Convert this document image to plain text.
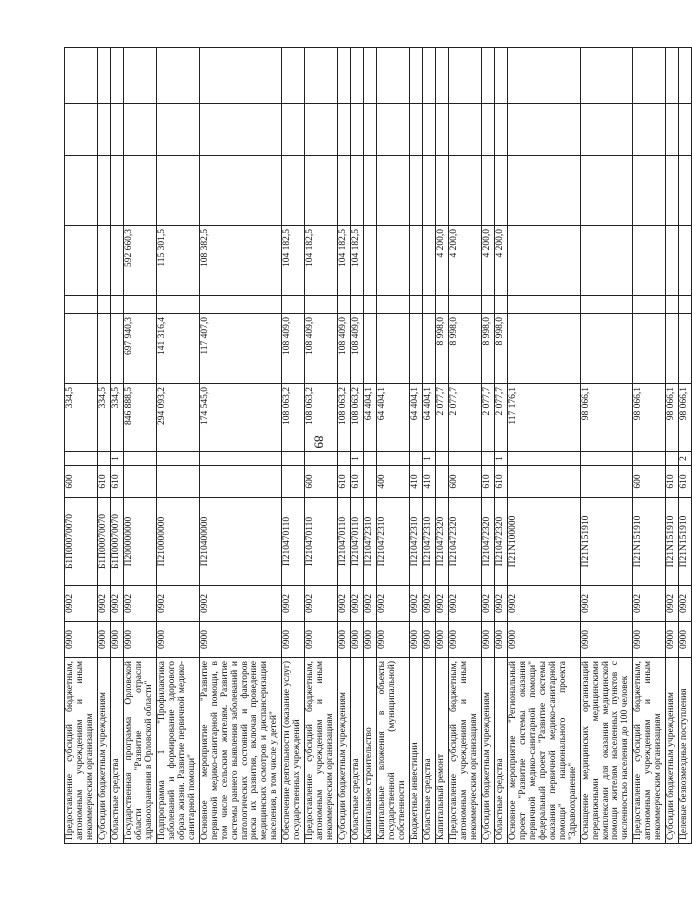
89
Предоставление субсидий бюджетным, автономным учреждениям и иным некоммерческим организациям	0900	0902	Б1П00070070	600		334,5						
Субсидии бюджетным учреждениям	0900	0902	Б1П00070070	610		334,5						
Областные средства	0900	0902	Б1П00070070	610	1	334,5						
Государственная программа Орловской области "Развитие отрасли здравоохранения в Орловской области"	0900	0902	П200000000			846 888,5	697 940,3		592 660,3			
Подпрограмма 1 "Профилактика заболеваний и формирование здорового образа жизни. Развитие первичной медико-санитарной помощи"	0900	0902	П210000000			294 093,2	141 316,4		115 301,5			
Основное мероприятие "Развитие первичной медико-санитарной помощи, в том числе сельским жителям. Развитие системы раннего выявления заболеваний и патологических состояний и факторов риска их развития, включая проведение медицинских осмотров и диспансеризации населения, в том числе у детей"	0900	0902	П210400000			174 545,0	117 407,0		108 382,5			
Обеспечение деятельности (оказание услуг) государственных учреждений	0900	0902	П210470110			108 063,2	108 409,0		104 182,5			
Предоставление субсидий бюджетным, автономным учреждениям и иным некоммерческим организациям	0900	0902	П210470110	600		108 063,2	108 409,0		104 182,5			
Субсидии бюджетным учреждениям	0900	0902	П210470110	610		108 063,2	108 409,0		104 182,5			
Областные средства	0900	0902	П210470110	610	1	108 063,2	108 409,0		104 182,5			
Капитальное строительство	0900	0902	П210472310			64 404,1						
Капитальные вложения в объекты государственной (муниципальной) собственности	0900	0902	П210472310	400		64 404,1						
Бюджетные инвестиции	0900	0902	П210472310	410		64 404,1						
Областные средства	0900	0902	П210472310	410	1	64 404,1						
Капитальный ремонт	0900	0902	П210472320			2 077,7	8 998,0		4 200,0			
Предоставление субсидий бюджетным, автономным учреждениям и иным некоммерческим организациям	0900	0902	П210472320	600		2 077,7	8 998,0		4 200,0			
Субсидии бюджетным учреждениям	0900	0902	П210472320	610		2 077,7	8 998,0		4 200,0			
Областные средства	0900	0902	П210472320	610	1	2 077,7	8 998,0		4 200,0			
Основное мероприятие "Региональный проект "Развитие системы оказания первичной медико-санитарной помощи" федеральный проект "Развитие системы оказания первичной медико-санитарной помощи" национального проекта "Здравоохранение"	0900	0902	П21N100000			117 176,1						
Оснащение медицинских организаций передвижными медицинскими комплексами для оказания медицинской помощи жителям населенных пунктов с численностью населения до 100 человек	0900	0902	П21N151910			98 066,1						
Предоставление субсидий бюджетным, автономным учреждениям и иным некоммерческим организациям	0900	0902	П21N151910	600		98 066,1						
Субсидии бюджетным учреждениям	0900	0902	П21N151910	610		98 066,1						
Целевые безвозмездные поступления	0900	0902	П21N151910	610	2	98 066,1						
